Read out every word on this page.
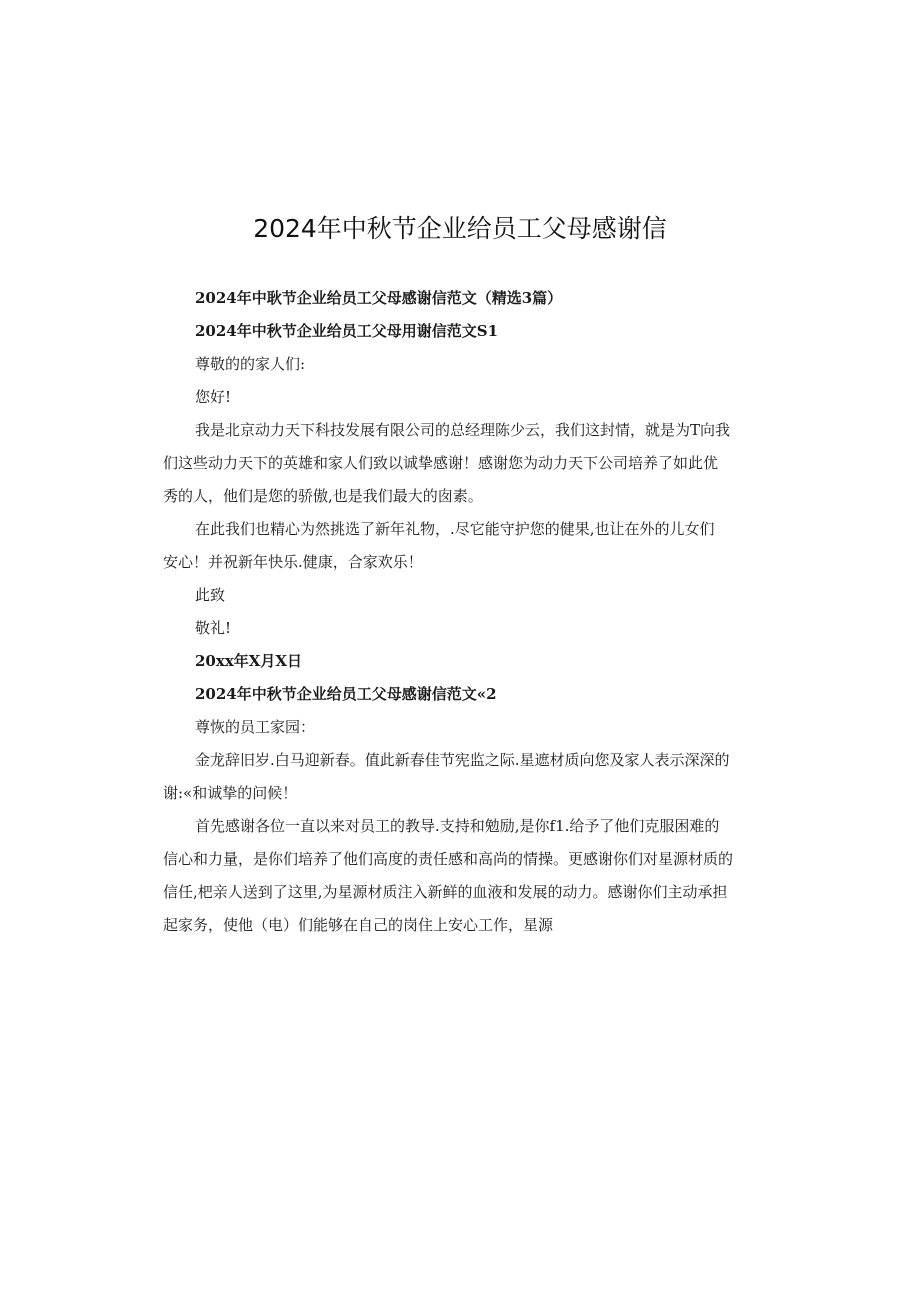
2024年中秋节企业给员工父母感谢信
2024年中耿节企业给员工父母感谢信范文（精选3篇）
2024年中秋节企业给员工父母用谢信范文S1
尊敬的的家人们:
您好!
我是北京动力天下科技发展有限公司的总经理陈少云，我们这封情，就是为T向我
们这些动力天下的英雄和家人们致以诚挚感谢！感谢您为动力天下公司培养了如此优
秀的人，他们是您的骄傲,也是我们最大的囱素。
在此我们也精心为然挑选了新年礼物，.尽它能守护您的健果,也让在外的儿女们
安心！并祝新年快乐.健康，合家欢乐！
此致
敬礼!
20xx年X月X日
2024年中秋节企业给员工父母感谢信范文«2
尊恢的员工家园：
金龙辞旧岁.白马迎新春。值此新春佳节宪监之际.星遮材质向您及家人表示深深的
谢:«和诚挚的问候！
首先感谢各位一直以来对员工的教导.支持和勉励,是你f1.给予了他们克服困难的
信心和力量，是你们培养了他们高度的责任感和高尚的情操。更感谢你们对星源材质的
信任,杷亲人送到了这里,为星源材质注入新鲜的血液和发展的动力。感谢你们主动承担
起家务，使他（电）们能够在自己的岗住上安心工作，星源
